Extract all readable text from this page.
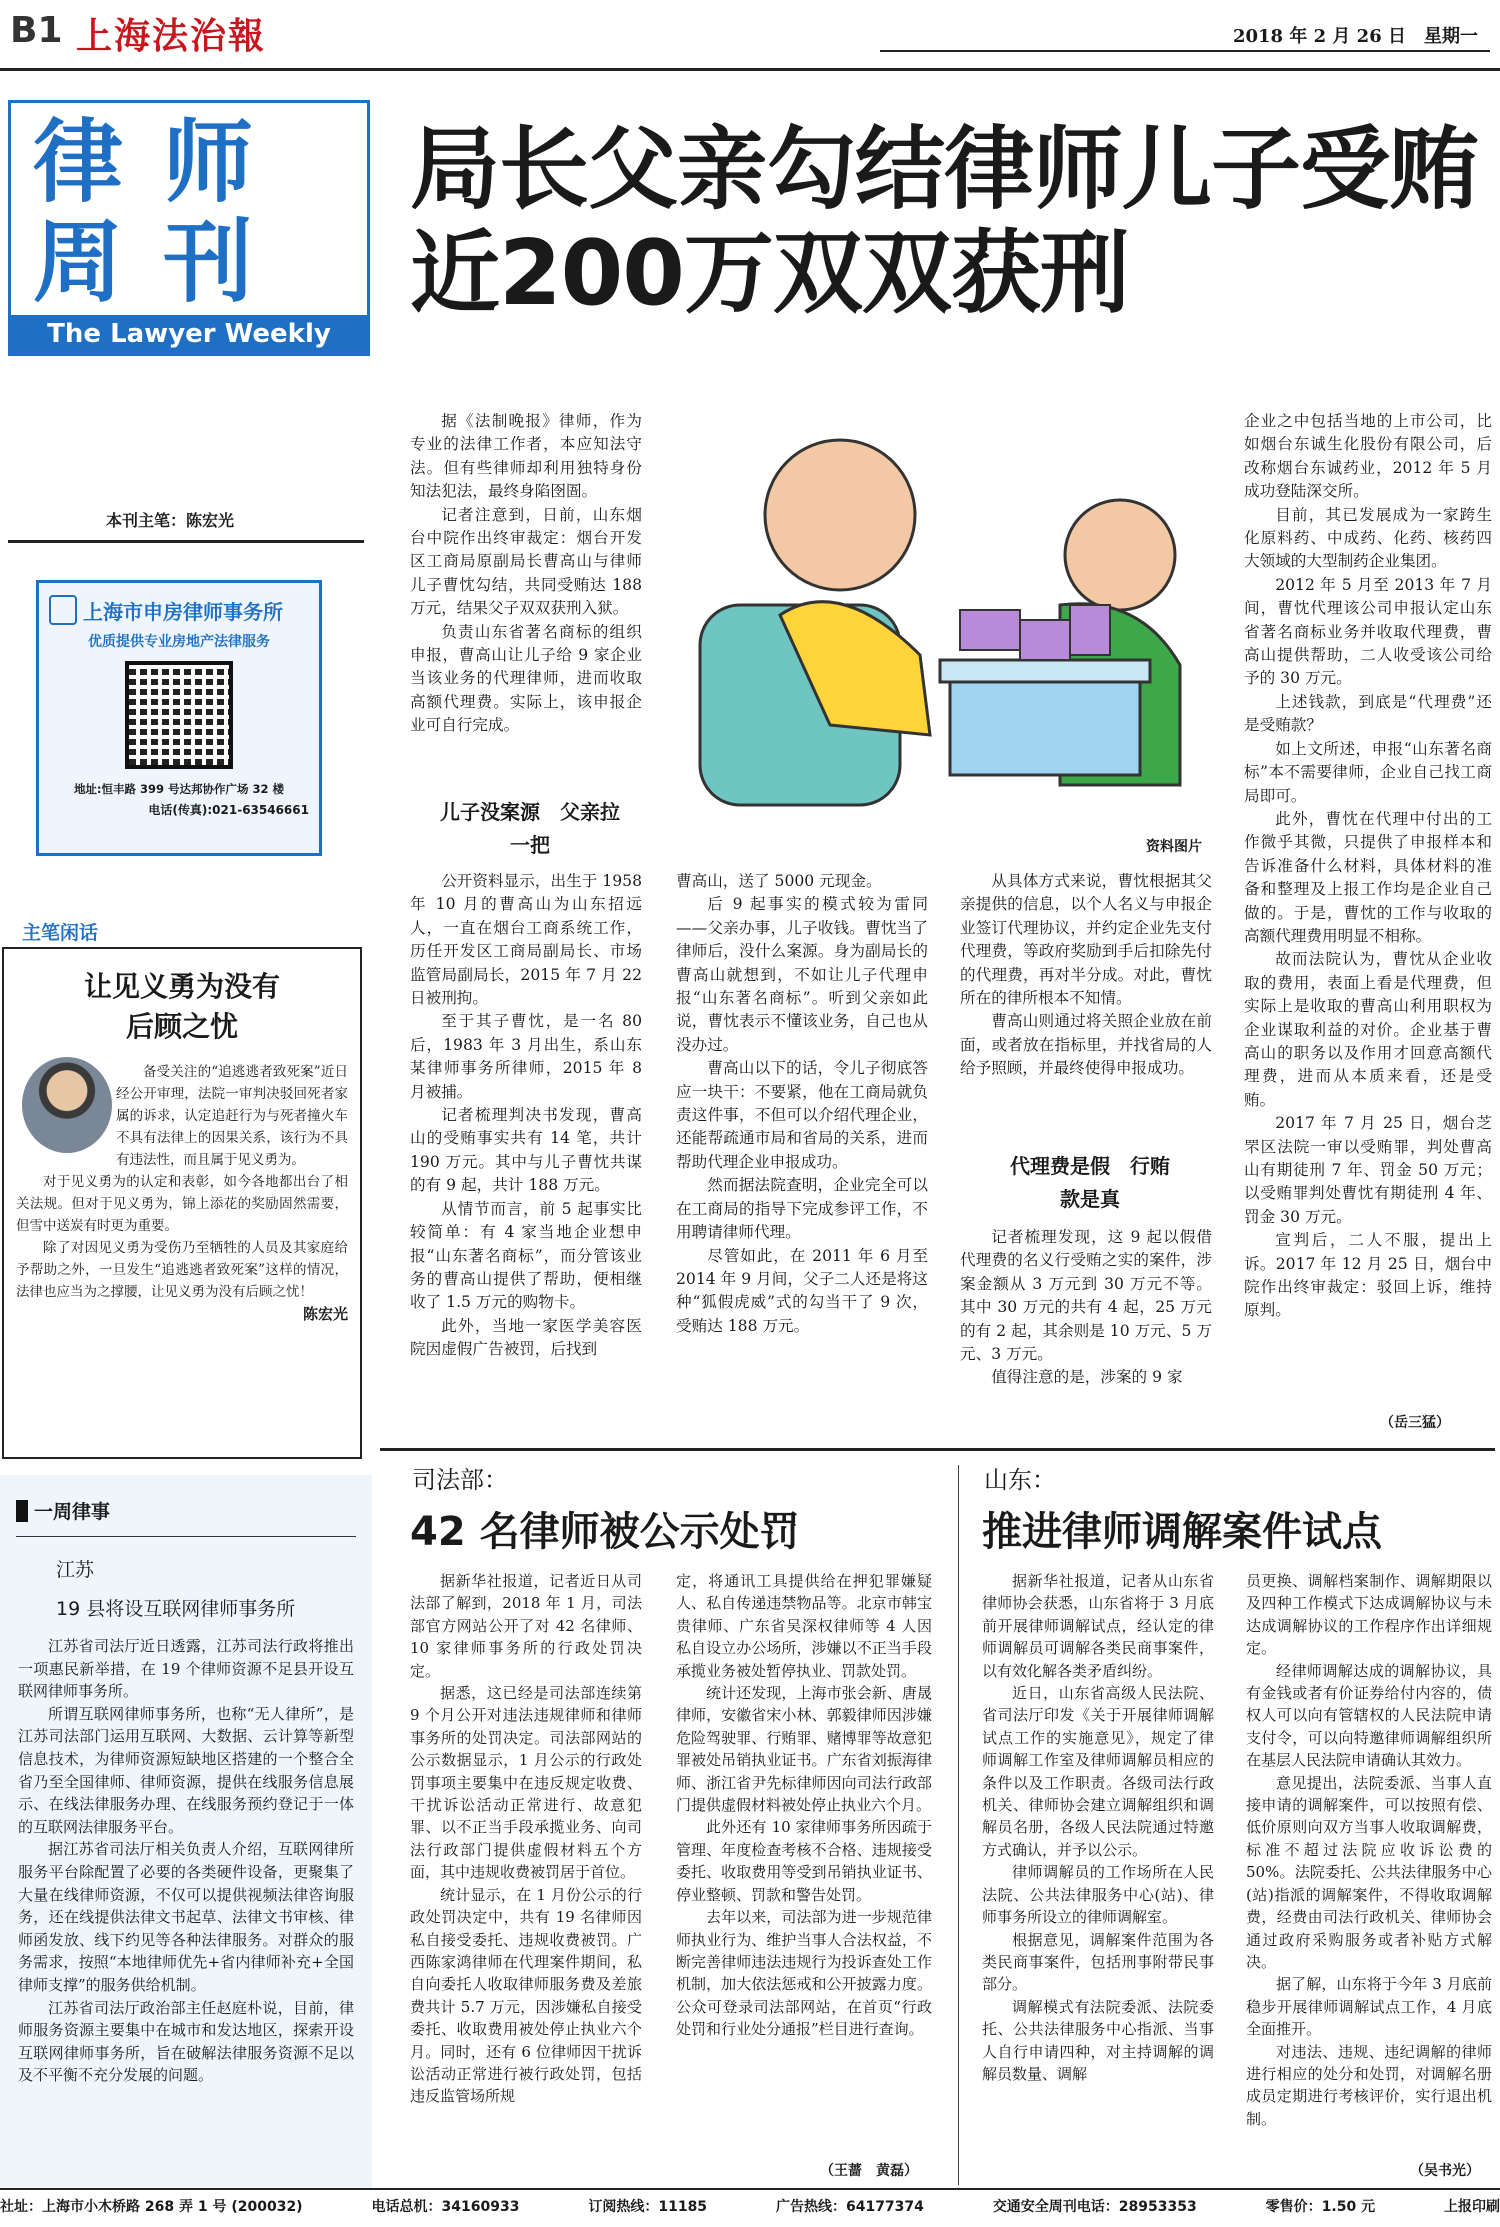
B1 上海法治報	2018 年 2 月 26 日　星期一
律师周刊
The Lawyer Weekly
本刊主笔：陈宏光
上海市申房律师事务所
优质提供专业房地产法律服务
地址:恒丰路 399 号达邦协作广场 32 楼
电话(传真):021-63546661
主笔闲话
让见义勇为没有后顾之忧
备受关注的“追逃逃者致死案”近日经公开审理，法院一审判决驳回死者家属的诉求，认定追赶行为与死者撞火车不具有法律上的因果关系，该行为不具有违法性，而且属于见义勇为。
对于见义勇为的认定和表彰，如今各地都出台了相关法规。但对于见义勇为，锦上添花的奖励固然需要，但雪中送炭有时更为重要。
除了对因见义勇为受伤乃至牺牲的人员及其家庭给予帮助之外，一旦发生“追逃逃者致死案”这样的情况，法律也应当为之撑腰，让见义勇为没有后顾之忧！
陈宏光
局长父亲勾结律师儿子受贿近200万双双获刑
资料图片

据《法制晚报》律师，作为专业的法律工作者，本应知法守法。但有些律师却利用独特身份知法犯法，最终身陷囹圄。

记者注意到，日前，山东烟台中院作出终审裁定：烟台开发区工商局原副局长曹高山与律师儿子曹忱勾结，共同受贿达 188 万元，结果父子双双获刑入狱。

负责山东省著名商标的组织申报，曹高山让儿子给 9 家企业当该业务的代理律师，进而收取高额代理费。实际上，该申报企业可自行完成。

儿子没案源　父亲拉一把

公开资料显示，出生于 1958 年 10 月的曹高山为山东招远人，一直在烟台工商系统工作，历任开发区工商局副局长、市场监管局副局长，2015 年 7 月 22 日被刑拘。

至于其子曹忱，是一名 80 后，1983 年 3 月出生，系山东某律师事务所律师，2015 年 8 月被捕。

记者梳理判决书发现，曹高山的受贿事实共有 14 笔，共计 190 万元。其中与儿子曹忱共谋的有 9 起，共计 188 万元。

从情节而言，前 5 起事实比较简单：有 4 家当地企业想申报“山东著名商标”，而分管该业务的曹高山提供了帮助，便相继收了 1.5 万元的购物卡。

此外，当地一家医学美容医院因虚假广告被罚，后找到

曹高山，送了 5000 元现金。

后 9 起事实的模式较为雷同——父亲办事，儿子收钱。曹忱当了律师后，没什么案源。身为副局长的曹高山就想到，不如让儿子代理申报“山东著名商标”。听到父亲如此说，曹忱表示不懂该业务，自己也从没办过。

曹高山以下的话，令儿子彻底答应一块干：不要紧，他在工商局就负责这件事，不但可以介绍代理企业，还能帮疏通市局和省局的关系，进而帮助代理企业申报成功。

然而据法院查明，企业完全可以在工商局的指导下完成参评工作，不用聘请律师代理。

尽管如此，在 2011 年 6 月至 2014 年 9 月间，父子二人还是将这种“狐假虎威”式的勾当干了 9 次，受贿达 188 万元。

从具体方式来说，曹忱根据其父亲提供的信息，以个人名义与申报企业签订代理协议，并约定企业先支付代理费，等政府奖励到手后扣除先付的代理费，再对半分成。对此，曹忱所在的律所根本不知情。

曹高山则通过将关照企业放在前面，或者放在指标里，并找省局的人给予照顾，并最终使得申报成功。

代理费是假　行贿款是真

记者梳理发现，这 9 起以假借代理费的名义行受贿之实的案件，涉案金额从 3 万元到 30 万元不等。其中 30 万元的共有 4 起，25 万元的有 2 起，其余则是 10 万元、5 万元、3 万元。

值得注意的是，涉案的 9 家

企业之中包括当地的上市公司，比如烟台东诚生化股份有限公司，后改称烟台东诚药业，2012 年 5 月成功登陆深交所。

目前，其已发展成为一家跨生化原料药、中成药、化药、核药四大领域的大型制药企业集团。

2012 年 5 月至 2013 年 7 月间，曹忱代理该公司申报认定山东省著名商标业务并收取代理费，曹高山提供帮助，二人收受该公司给予的 30 万元。

上述钱款，到底是“代理费”还是受贿款？

如上文所述，申报“山东著名商标”本不需要律师，企业自己找工商局即可。

此外，曹忱在代理中付出的工作微乎其微，只提供了申报样本和告诉准备什么材料，具体材料的准备和整理及上报工作均是企业自己做的。于是，曹忱的工作与收取的高额代理费用明显不相称。

故而法院认为，曹忱从企业收取的费用，表面上看是代理费，但实际上是收取的曹高山利用职权为企业谋取利益的对价。企业基于曹高山的职务以及作用才回意高额代理费，进而从本质来看，还是受贿。

2017 年 7 月 25 日，烟台芝罘区法院一审以受贿罪，判处曹高山有期徒刑 7 年、罚金 50 万元；以受贿罪判处曹忱有期徒刑 4 年、罚金 30 万元。

宣判后，二人不服，提出上诉。2017 年 12 月 25 日，烟台中院作出终审裁定：驳回上诉，维持原判。

（岳三猛）
一周律事
江苏
19 县将设互联网律师事务所

江苏省司法厅近日透露，江苏司法行政将推出一项惠民新举措，在 19 个律师资源不足县开设互联网律师事务所。

所谓互联网律师事务所，也称“无人律所”，是江苏司法部门运用互联网、大数据、云计算等新型信息技术，为律师资源短缺地区搭建的一个整合全省乃至全国律师、律师资源，提供在线服务信息展示、在线法律服务办理、在线服务预约登记于一体的互联网法律服务平台。

据江苏省司法厅相关负责人介绍，互联网律所服务平台除配置了必要的各类硬件设备，更聚集了大量在线律师资源，不仅可以提供视频法律咨询服务，还在线提供法律文书起草、法律文书审核、律师函发放、线下约见等各种法律服务。对群众的服务需求，按照“本地律师优先+省内律师补充+全国律师支撑”的服务供给机制。

江苏省司法厅政治部主任赵庭朴说，目前，律师服务资源主要集中在城市和发达地区，探索开设互联网律师事务所，旨在破解法律服务资源不足以及不平衡不充分发展的问题。

司法部：
42 名律师被公示处罚

据新华社报道，记者近日从司法部了解到，2018 年 1 月，司法部官方网站公开了对 42 名律师、10 家律师事务所的行政处罚决定。

据悉，这已经是司法部连续第 9 个月公开对违法违规律师和律师事务所的处罚决定。司法部网站的公示数据显示，1 月公示的行政处罚事项主要集中在违反规定收费、干扰诉讼活动正常进行、故意犯罪、以不正当手段承揽业务、向司法行政部门提供虚假材料五个方面，其中违规收费被罚居于首位。

统计显示，在 1 月份公示的行政处罚决定中，共有 19 名律师因私自接受委托、违规收费被罚。广西陈家鸿律师在代理案件期间，私自向委托人收取律师服务费及差旅费共计 5.7 万元，因涉嫌私自接受委托、收取费用被处停止执业六个月。同时，还有 6 位律师因干扰诉讼活动正常进行被行政处罚，包括违反监管场所规

定，将通讯工具提供给在押犯罪嫌疑人、私自传递违禁物品等。北京市韩宝贵律师、广东省吴深权律师等 4 人因私自设立办公场所，涉嫌以不正当手段承揽业务被处暂停执业、罚款处罚。

统计还发现，上海市张会新、唐晟律师，安徽省宋小林、郭毅律师因涉嫌危险驾驶罪、行贿罪、赌博罪等故意犯罪被处吊销执业证书。广东省刘振海律师、浙江省尹先标律师因向司法行政部门提供虚假材料被处停止执业六个月。

此外还有 10 家律师事务所因疏于管理、年度检查考核不合格、违规接受委托、收取费用等受到吊销执业证书、停业整顿、罚款和警告处罚。

去年以来，司法部为进一步规范律师执业行为、维护当事人合法权益，不断完善律师违法违规行为投诉查处工作机制，加大依法惩戒和公开披露力度。公众可登录司法部网站，在首页“行政处罚和行业处分通报”栏目进行查询。

（王蔷　黄磊）
山东：
推进律师调解案件试点

据新华社报道，记者从山东省律师协会获悉，山东省将于 3 月底前开展律师调解试点，经认定的律师调解员可调解各类民商事案件，以有效化解各类矛盾纠纷。

近日，山东省高级人民法院、省司法厅印发《关于开展律师调解试点工作的实施意见》，规定了律师调解工作室及律师调解员相应的条件以及工作职责。各级司法行政机关、律师协会建立调解组织和调解员名册，各级人民法院通过特邀方式确认，并予以公示。

律师调解员的工作场所在人民法院、公共法律服务中心(站)、律师事务所设立的律师调解室。

根据意见，调解案件范围为各类民商事案件，包括刑事附带民事部分。

调解模式有法院委派、法院委托、公共法律服务中心指派、当事人自行申请四种，对主持调解的调解员数量、调解

员更换、调解档案制作、调解期限以及四种工作模式下达成调解协议与未达成调解协议的工作程序作出详细规定。

经律师调解达成的调解协议，具有金钱或者有价证券给付内容的，债权人可以向有管辖权的人民法院申请支付令，可以向特邀律师调解组织所在基层人民法院申请确认其效力。

意见提出，法院委派、当事人直接申请的调解案件，可以按照有偿、低价原则向双方当事人收取调解费，标准不超过法院应收诉讼费的 50%。法院委托、公共法律服务中心(站)指派的调解案件，不得收取调解费，经费由司法行政机关、律师协会通过政府采购服务或者补贴方式解决。

据了解，山东将于今年 3 月底前稳步开展律师调解试点工作，4 月底全面推开。

对违法、违规、违纪调解的律师进行相应的处分和处罚，对调解名册成员定期进行考核评价，实行退出机制。

（吴书光）
社址：上海市小木桥路 268 弄 1 号 (200032)	电话总机：34160933	订阅热线：11185	广告热线：64177374	交通安全周刊电话：28953353	零售价：1.50 元	上报印刷
